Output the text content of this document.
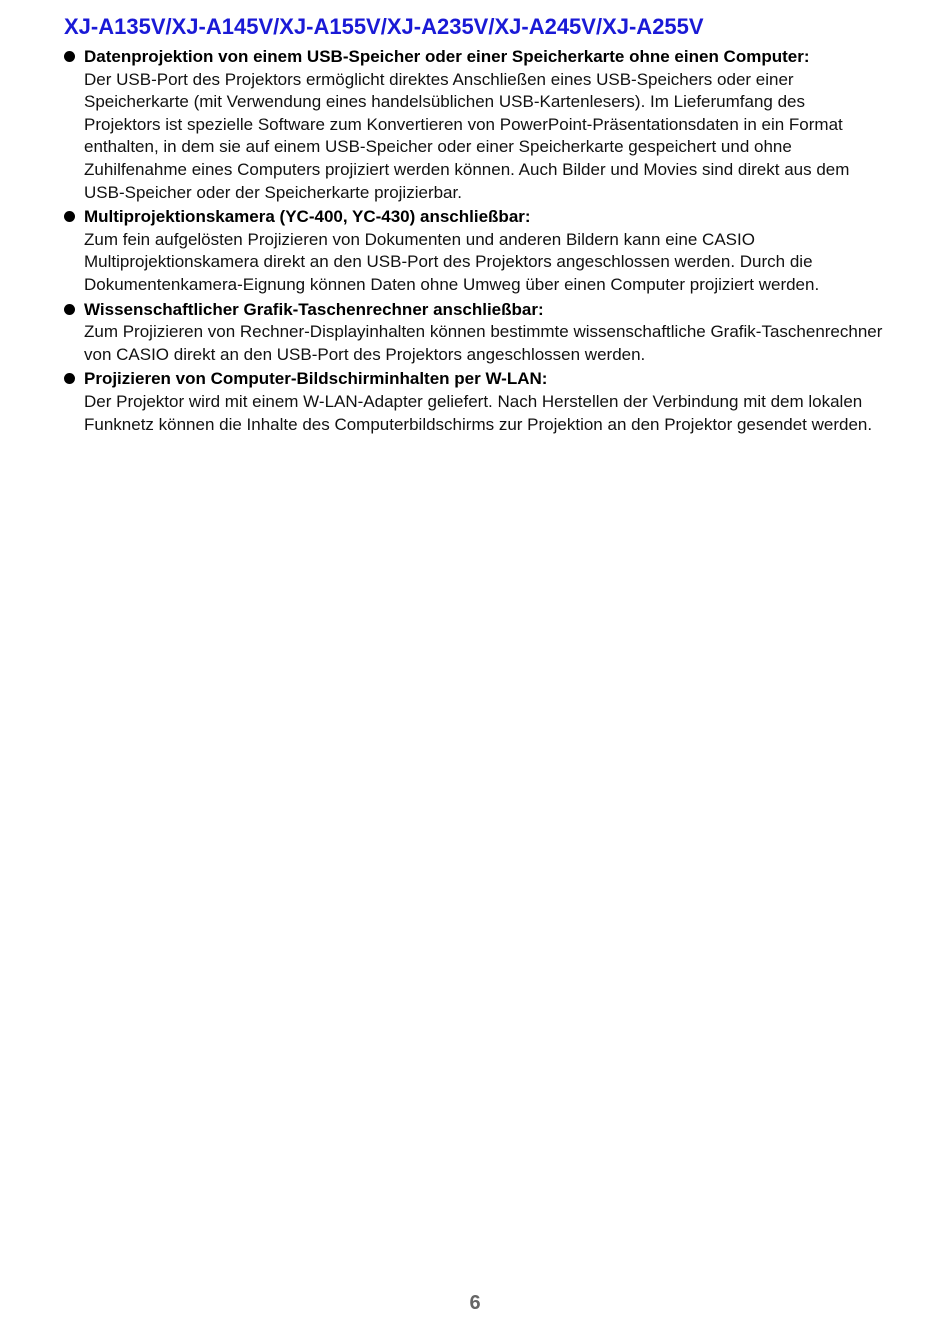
XJ-A135V/XJ-A145V/XJ-A155V/XJ-A235V/XJ-A245V/XJ-A255V
Datenprojektion von einem USB-Speicher oder einer Speicherkarte ohne einen Computer:
Der USB-Port des Projektors ermöglicht direktes Anschließen eines USB-Speichers oder einer Speicherkarte (mit Verwendung eines handelsüblichen USB-Kartenlesers). Im Lieferumfang des Projektors ist spezielle Software zum Konvertieren von PowerPoint-Präsentationsdaten in ein Format enthalten, in dem sie auf einem USB-Speicher oder einer Speicherkarte gespeichert und ohne Zuhilfenahme eines Computers projiziert werden können. Auch Bilder und Movies sind direkt aus dem USB-Speicher oder der Speicherkarte projizierbar.
Multiprojektionskamera (YC-400, YC-430) anschließbar:
Zum fein aufgelösten Projizieren von Dokumenten und anderen Bildern kann eine CASIO Multiprojektionskamera direkt an den USB-Port des Projektors angeschlossen werden. Durch die Dokumentenkamera-Eignung können Daten ohne Umweg über einen Computer projiziert werden.
Wissenschaftlicher Grafik-Taschenrechner anschließbar:
Zum Projizieren von Rechner-Displayinhalten können bestimmte wissenschaftliche Grafik-Taschenrechner von CASIO direkt an den USB-Port des Projektors angeschlossen werden.
Projizieren von Computer-Bildschirminhalten per W-LAN:
Der Projektor wird mit einem W-LAN-Adapter geliefert. Nach Herstellen der Verbindung mit dem lokalen Funknetz können die Inhalte des Computerbildschirms zur Projektion an den Projektor gesendet werden.
6
